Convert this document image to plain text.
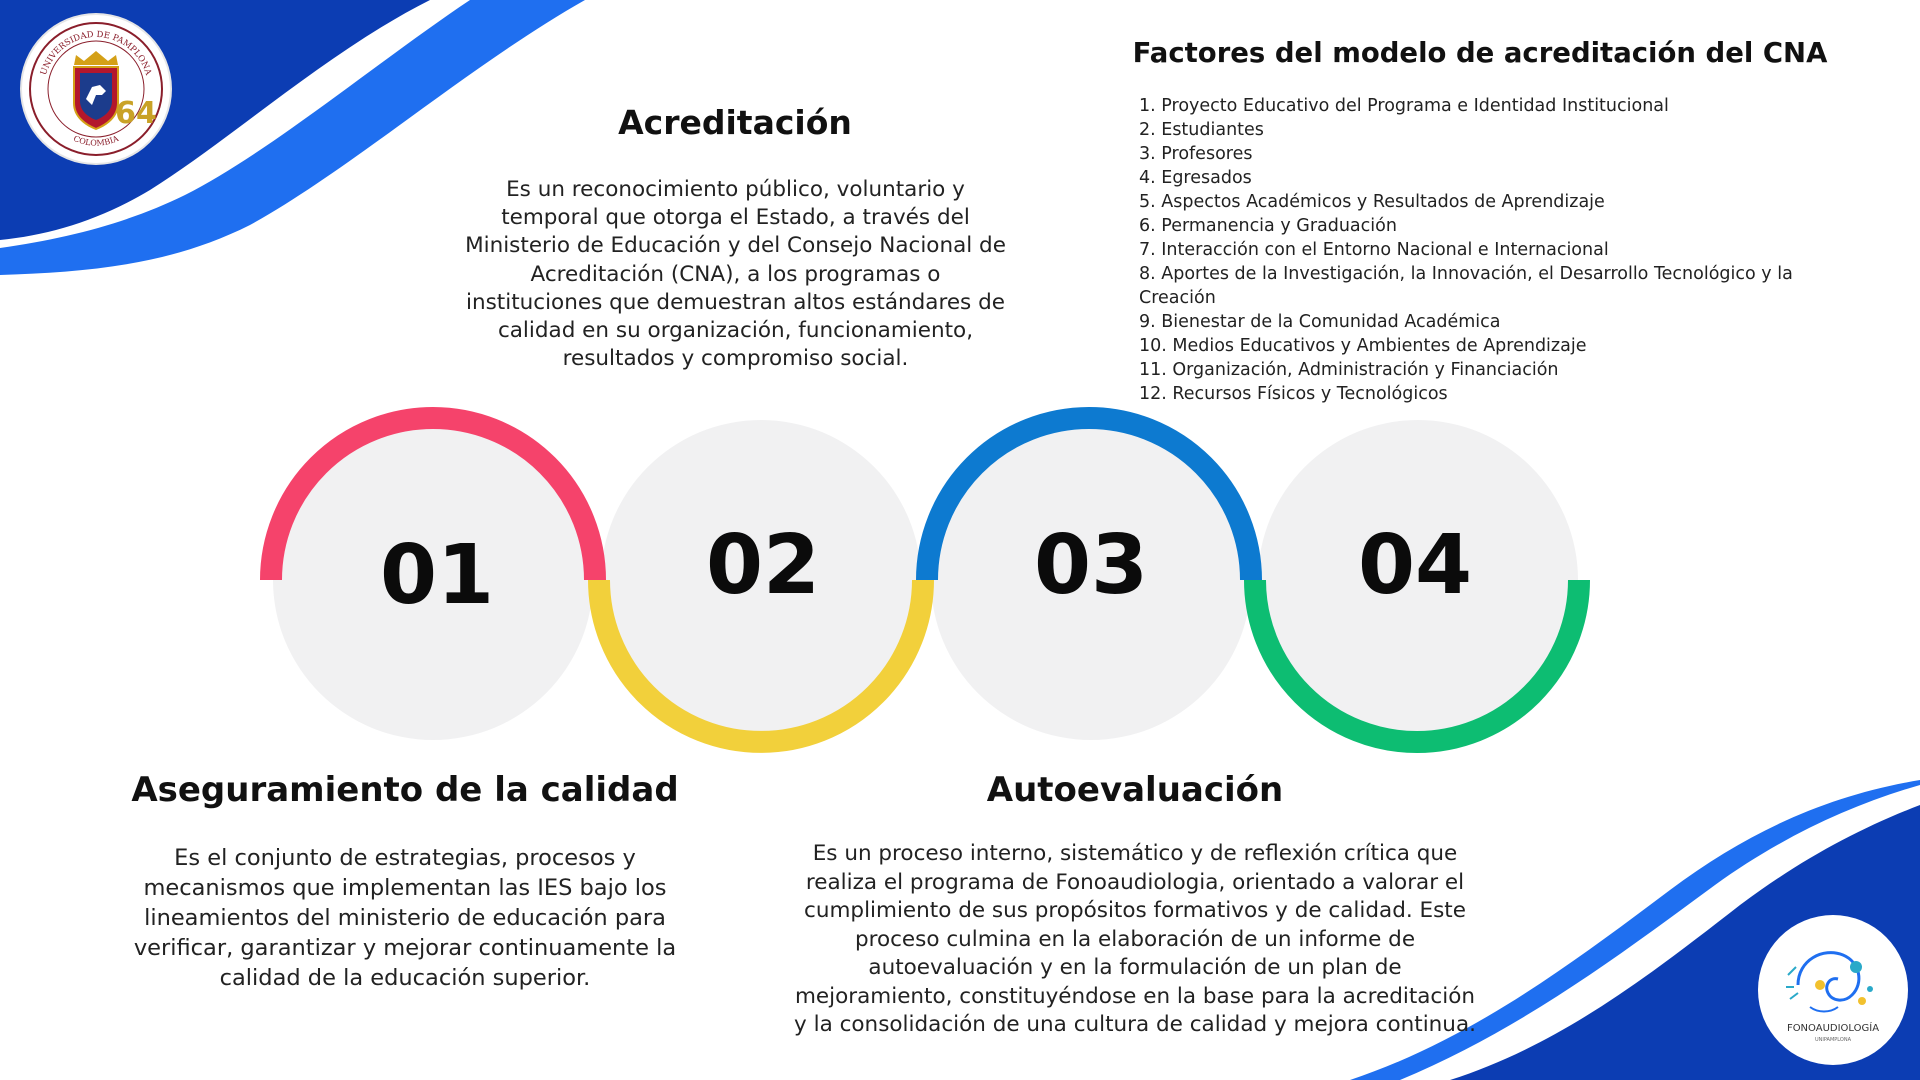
01	02	03	04
UNIVERSIDAD DE PAMPLONA
COLOMBIA
64
FONOAUDIOLOGÍA
UNIPAMPLONA
Acreditación
Es un reconocimiento público, voluntario y
temporal que otorga el Estado, a través del
Ministerio de Educación y del Consejo Nacional de
Acreditación (CNA), a los programas o
instituciones que demuestran altos estándares de
calidad en su organización, funcionamiento,
resultados y compromiso social.
Factores del modelo de acreditación del CNA
1. Proyecto Educativo del Programa e Identidad Institucional
2. Estudiantes
3. Profesores
4. Egresados
5. Aspectos Académicos y Resultados de Aprendizaje
6. Permanencia y Graduación
7. Interacción con el Entorno Nacional e Internacional
8. Aportes de la Investigación, la Innovación, el Desarrollo Tecnológico y la
Creación
9. Bienestar de la Comunidad Académica
10. Medios Educativos y Ambientes de Aprendizaje
11. Organización, Administración y Financiación
12. Recursos Físicos y Tecnológicos
Aseguramiento de la calidad
Es el conjunto de estrategias, procesos y
mecanismos que implementan las IES bajo los
lineamientos del ministerio de educación para
verificar, garantizar y mejorar continuamente la
calidad de la educación superior.
Autoevaluación
Es un proceso interno, sistemático y de reflexión crítica que
realiza el programa de Fonoaudiologia, orientado a valorar el
cumplimiento de sus propósitos formativos y de calidad. Este
proceso culmina en la elaboración de un informe de
autoevaluación y en la formulación de un plan de
mejoramiento, constituyéndose en la base para la acreditación
y la consolidación de una cultura de calidad y mejora continua.
